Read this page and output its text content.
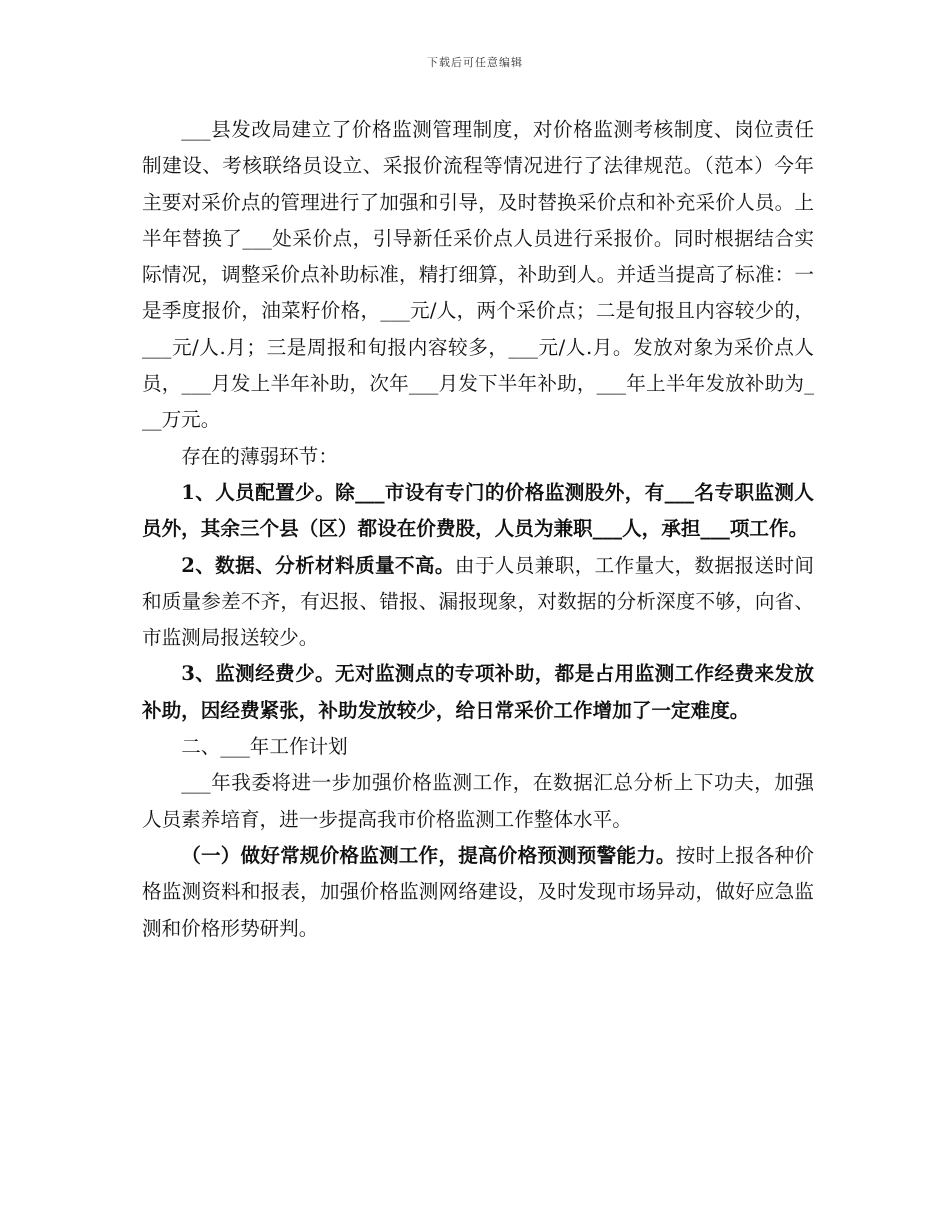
下载后可任意编辑

___县发改局建立了价格监测管理制度，对价格监测考核制度、岗位责任制建设、考核联络员设立、采报价流程等情况进行了法律规范。（范本）今年主要对采价点的管理进行了加强和引导，及时替换采价点和补充采价人员。上半年替换了___处采价点，引导新任采价点人员进行采报价。同时根据结合实际情况，调整采价点补助标准，精打细算，补助到人。并适当提高了标准：一是季度报价，油菜籽价格，___元/人，两个采价点；二是旬报且内容较少的，___元/人.月；三是周报和旬报内容较多，___元/人.月。发放对象为采价点人员，___月发上半年补助，次年___月发下半年补助，___年上半年发放补助为___万元。

存在的薄弱环节：

1、人员配置少。除___市设有专门的价格监测股外，有___名专职监测人员外，其余三个县（区）都设在价费股，人员为兼职___人，承担___项工作。

2、数据、分析材料质量不高。由于人员兼职，工作量大，数据报送时间和质量参差不齐，有迟报、错报、漏报现象，对数据的分析深度不够，向省、市监测局报送较少。

3、监测经费少。无对监测点的专项补助，都是占用监测工作经费来发放补助，因经费紧张，补助发放较少，给日常采价工作增加了一定难度。

二、___年工作计划

___年我委将进一步加强价格监测工作，在数据汇总分析上下功夫，加强人员素养培育，进一步提高我市价格监测工作整体水平。

（一）做好常规价格监测工作，提高价格预测预警能力。按时上报各种价格监测资料和报表，加强价格监测网络建设，及时发现市场异动，做好应急监测和价格形势研判。
